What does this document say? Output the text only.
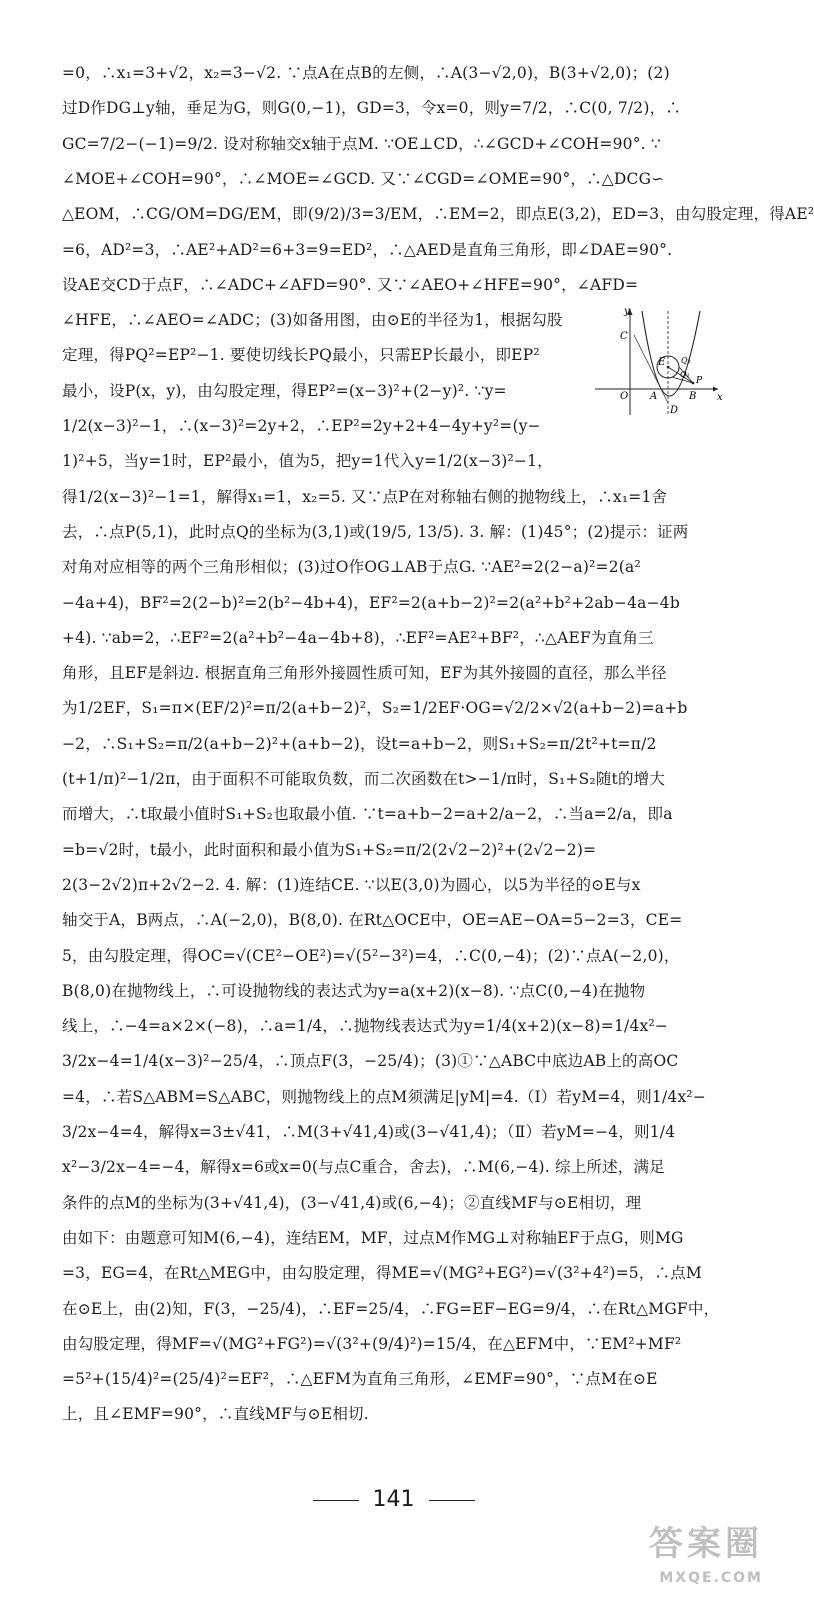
=0，∴x₁=3+√2，x₂=3−√2. ∵点A在点B的左侧，∴A(3−√2,0)，B(3+√2,0)；(2)
过D作DG⊥y轴，垂足为G，则G(0,−1)，GD=3，令x=0，则y=7/2，∴C(0, 7/2)，∴
GC=7/2−(−1)=9/2. 设对称轴交x轴于点M. ∵OE⊥CD，∴∠GCD+∠COH=90°. ∵
∠MOE+∠COH=90°，∴∠MOE=∠GCD. 又∵∠CGD=∠OME=90°，∴△DCG∽
△EOM，∴CG/OM=DG/EM，即(9/2)/3=3/EM，∴EM=2，即点E(3,2)，ED=3，由勾股定理，得AE²
=6，AD²=3，∴AE²+AD²=6+3=9=ED²，∴△AED是直角三角形，即∠DAE=90°.
设AE交CD于点F，∴∠ADC+∠AFD=90°. 又∵∠AEO+∠HFE=90°，∠AFD=
∠HFE，∴∠AEO=∠ADC；(3)如备用图，由⊙E的半径为1，根据勾股
定理，得PQ²=EP²−1. 要使切线长PQ最小，只需EP长最小，即EP²
最小，设P(x，y)，由勾股定理，得EP²=(x−3)²+(2−y)². ∵y=
1/2(x−3)²−1，∴(x−3)²=2y+2，∴EP²=2y+2+4−4y+y²=(y−
1)²+5，当y=1时，EP²最小，值为5，把y=1代入y=1/2(x−3)²−1，
得1/2(x−3)²−1=1，解得x₁=1，x₂=5. 又∵点P在对称轴右侧的抛物线上，∴x₁=1舍
去，∴点P(5,1)，此时点Q的坐标为(3,1)或(19/5, 13/5). 3. 解：(1)45°；(2)提示：证两
对角对应相等的两个三角形相似；(3)过O作OG⊥AB于点G. ∵AE²=2(2−a)²=2(a²
−4a+4)，BF²=2(2−b)²=2(b²−4b+4)，EF²=2(a+b−2)²=2(a²+b²+2ab−4a−4b
+4). ∵ab=2，∴EF²=2(a²+b²−4a−4b+8)，∴EF²=AE²+BF²，∴△AEF为直角三
角形，且EF是斜边. 根据直角三角形外接圆性质可知，EF为其外接圆的直径，那么半径
为1/2EF，S₁=π×(EF/2)²=π/2(a+b−2)²，S₂=1/2EF·OG=√2/2×√2(a+b−2)=a+b
−2，∴S₁+S₂=π/2(a+b−2)²+(a+b−2)，设t=a+b−2，则S₁+S₂=π/2t²+t=π/2
(t+1/π)²−1/2π，由于面积不可能取负数，而二次函数在t>−1/π时，S₁+S₂随t的增大
而增大，∴t取最小值时S₁+S₂也取最小值. ∵t=a+b−2=a+2/a−2，∴当a=2/a，即a
=b=√2时，t最小，此时面积和最小值为S₁+S₂=π/2(2√2−2)²+(2√2−2)=
2(3−2√2)π+2√2−2. 4. 解：(1)连结CE. ∵以E(3,0)为圆心，以5为半径的⊙E与x
轴交于A，B两点，∴A(−2,0)，B(8,0). 在Rt△OCE中，OE=AE−OA=5−2=3，CE=
5，由勾股定理，得OC=√(CE²−OE²)=√(5²−3²)=4，∴C(0,−4)；(2)∵点A(−2,0)，
B(8,0)在抛物线上，∴可设抛物线的表达式为y=a(x+2)(x−8). ∵点C(0,−4)在抛物
线上，∴−4=a×2×(−8)，∴a=1/4，∴抛物线表达式为y=1/4(x+2)(x−8)=1/4x²−
3/2x−4=1/4(x−3)²−25/4，∴顶点F(3，−25/4)；(3)①∵△ABC中底边AB上的高OC
=4，∴若S△ABM=S△ABC，则抛物线上的点M须满足|yM|=4.（Ⅰ）若yM=4，则1/4x²−
3/2x−4=4，解得x=3±√41，∴M(3+√41,4)或(3−√41,4)；（Ⅱ）若yM=−4，则1/4
x²−3/2x−4=−4，解得x=6或x=0(与点C重合，舍去)，∴M(6,−4). 综上所述，满足
条件的点M的坐标为(3+√41,4)，(3−√41,4)或(6,−4)；②直线MF与⊙E相切，理
由如下：由题意可知M(6,−4)，连结EM，MF，过点M作MG⊥对称轴EF于点G，则MG
=3，EG=4，在Rt△MEG中，由勾股定理，得ME=√(MG²+EG²)=√(3²+4²)=5，∴点M
在⊙E上，由(2)知，F(3，−25/4)，∴EF=25/4，∴FG=EF−EG=9/4，∴在Rt△MGF中，
由勾股定理，得MF=√(MG²+FG²)=√(3²+(9/4)²)=15/4，在△EFM中，∵EM²+MF²
=5²+(15/4)²=(25/4)²=EF²，∴△EFM为直角三角形，∠EMF=90°，∵点M在⊙E
上，且∠EMF=90°，∴直线MF与⊙E相切.
y
x
O A	B
C
D
E
P
Q₁
Q₂
141
答案圈
MXQE.COM
